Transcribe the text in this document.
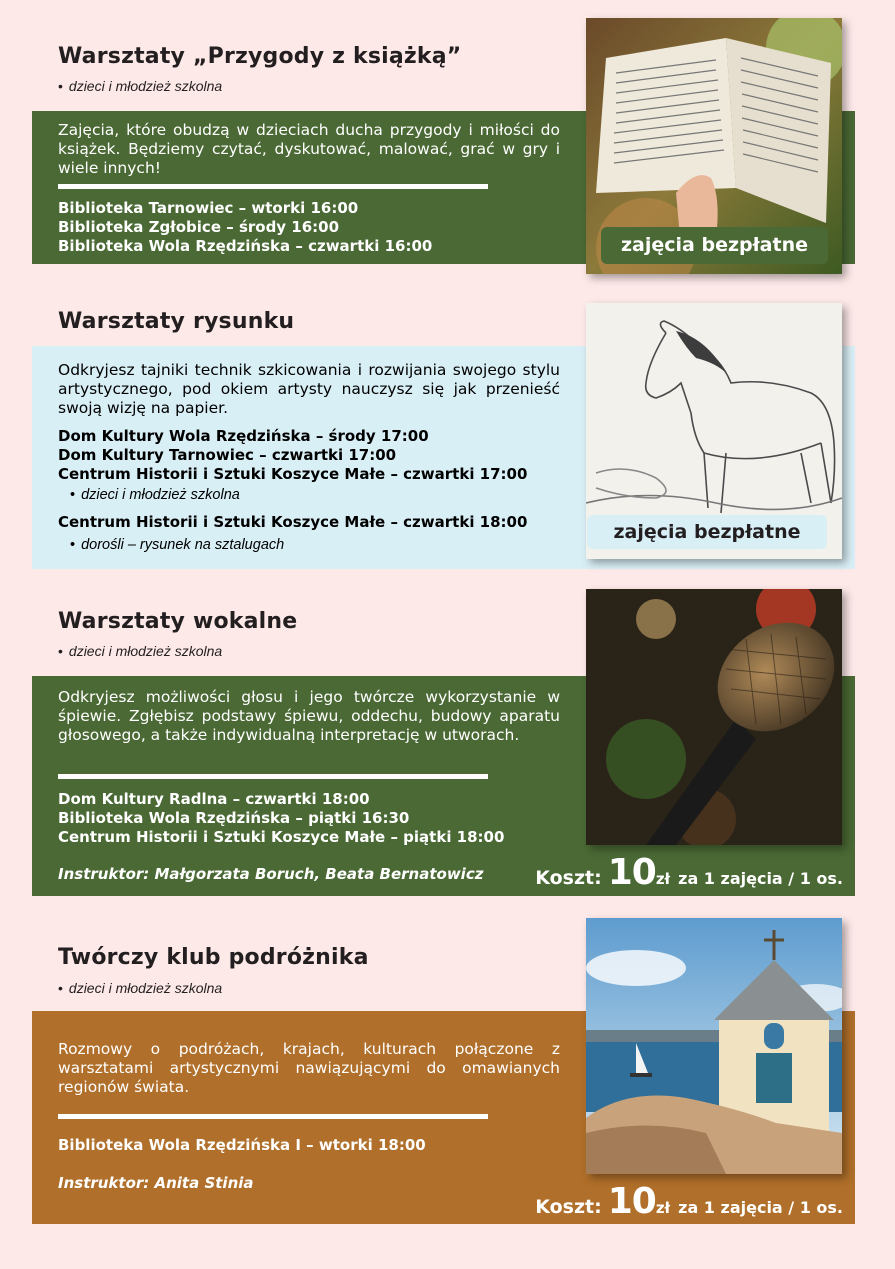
Warsztaty „Przygody z książką”
• dzieci i młodzież szkolna
Zajęcia, które obudzą w dzieciach ducha przygody i miłości do książek. Będziemy czytać, dyskutować, malować, grać w gry i wiele innych!
Biblioteka Tarnowiec – wtorki 16:00
Biblioteka Zgłobice – środy 16:00
Biblioteka Wola Rzędzińska – czwartki 16:00	zajęcia bezpłatne
Warsztaty rysunku
Odkryjesz tajniki technik szkicowania i rozwijania swojego stylu artystycznego, pod okiem artysty nauczysz się jak przenieść swoją wizję na papier.
Dom Kultury Wola Rzędzińska – środy 17:00
Dom Kultury Tarnowiec – czwartki 17:00
Centrum Historii i Sztuki Koszyce Małe – czwartki 17:00
• dzieci i młodzież szkolna
Centrum Historii i Sztuki Koszyce Małe – czwartki 18:00
• dorośli – rysunek na sztalugach
zajęcia bezpłatne
Warsztaty wokalne
• dzieci i młodzież szkolna
Odkryjesz możliwości głosu i jego twórcze wykorzystanie w śpiewie. Zgłębisz podstawy śpiewu, oddechu, budowy aparatu głosowego, a także indywidualną interpretację w utworach.
Dom Kultury Radlna – czwartki 18:00
Biblioteka Wola Rzędzińska – piątki 16:30
Centrum Historii i Sztuki Koszyce Małe – piątki 18:00
Instruktor: Małgorzata Boruch, Beata Bernatowicz	Koszt: 10zł za 1 zajęcia / 1 os.
Twórczy klub podróżnika
• dzieci i młodzież szkolna
Rozmowy o podróżach, krajach, kulturach połączone z warsztatami artystycznymi nawiązującymi do omawianych regionów świata.
Biblioteka Wola Rzędzińska I – wtorki 18:00
Instruktor: Anita Stinia
Koszt: 10zł za 1 zajęcia / 1 os.
